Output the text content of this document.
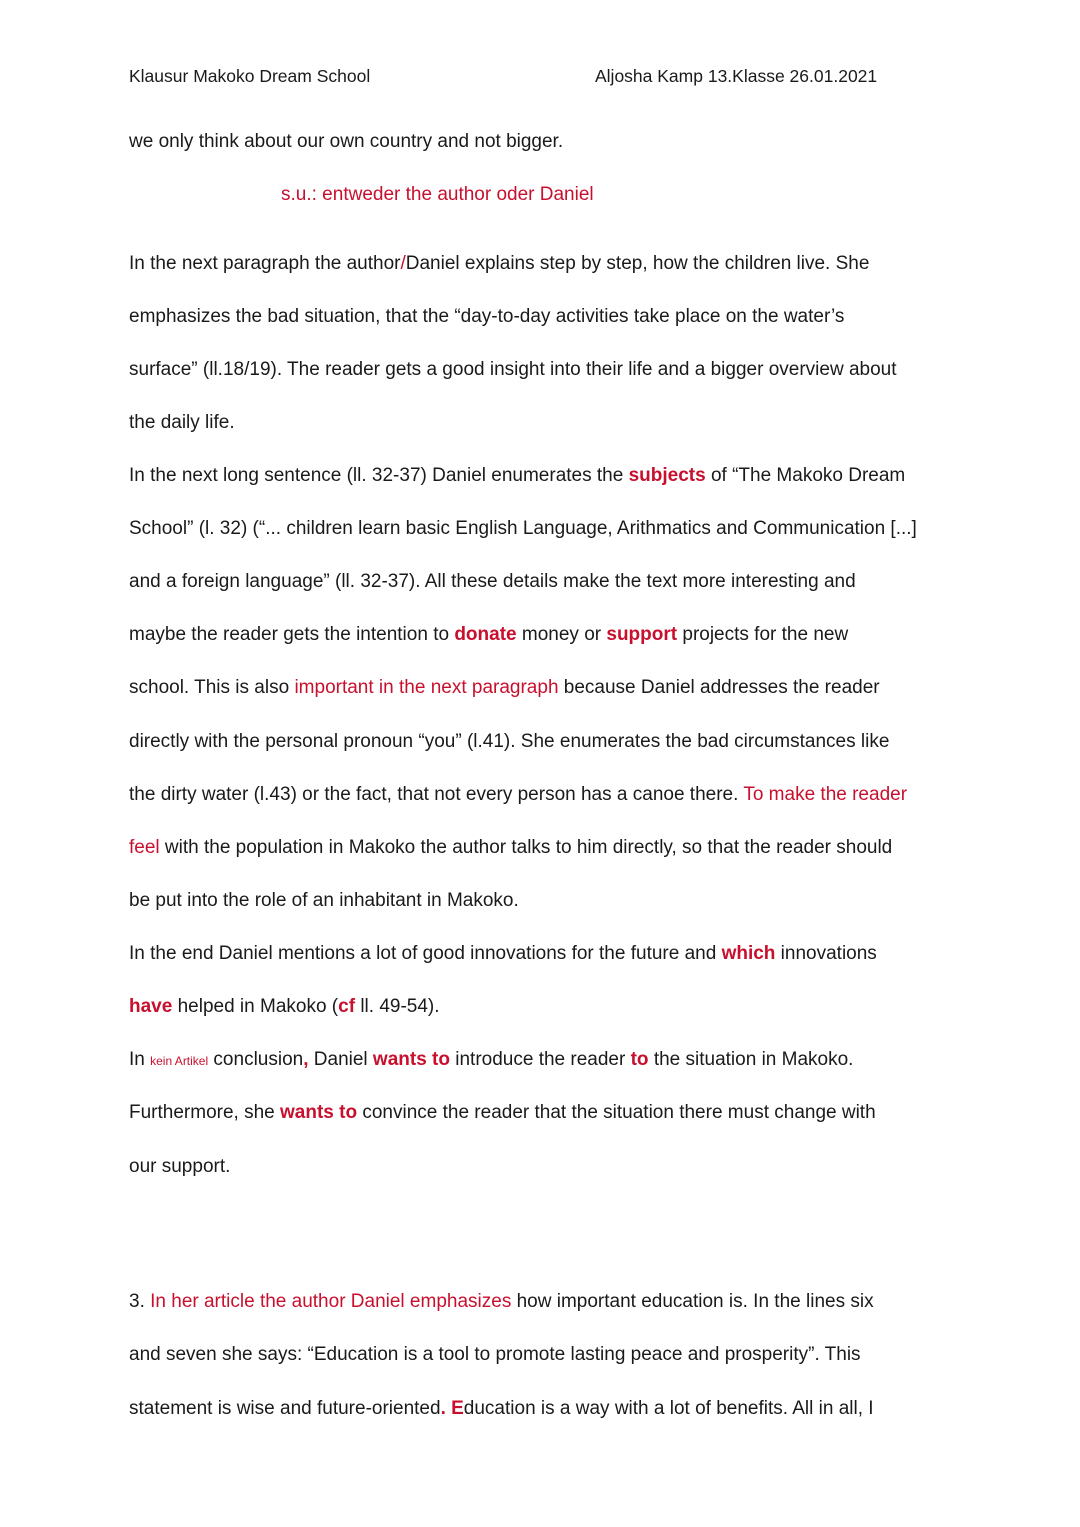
Klausur Makoko Dream School	Aljosha Kamp 13.Klasse 26.01.2021
we only think about our own country and not bigger.
s.u.: entweder the author oder Daniel
In the next paragraph the author/Daniel explains step by step, how the children live. She
emphasizes the bad situation, that the “day-to-day activities take place on the water’s
surface” (ll.18/19). The reader gets a good insight into their life and a bigger overview about
the daily life.
In the next long sentence (ll. 32-37) Daniel enumerates the subjects of “The Makoko Dream
School” (l. 32) (“... children learn basic English Language, Arithmatics and Communication [...]
and a foreign language” (ll. 32-37). All these details make the text more interesting and
maybe the reader gets the intention to donate money or support projects for the new
school. This is also important in the next paragraph because Daniel addresses the reader
directly with the personal pronoun “you” (l.41). She enumerates the bad circumstances like
the dirty water (l.43) or the fact, that not every person has a canoe there. To make the reader
feel with the population in Makoko the author talks to him directly, so that the reader should
be put into the role of an inhabitant in Makoko.
In the end Daniel mentions a lot of good innovations for the future and which innovations
have helped in Makoko (cf ll. 49-54).
In kein Artikel conclusion, Daniel wants to introduce the reader to the situation in Makoko.
Furthermore, she wants to convince the reader that the situation there must change with
our support.
3. In her article the author Daniel emphasizes how important education is. In the lines six
and seven she says: “Education is a tool to promote lasting peace and prosperity”. This
statement is wise and future-oriented. Education is a way with a lot of benefits. All in all, I
